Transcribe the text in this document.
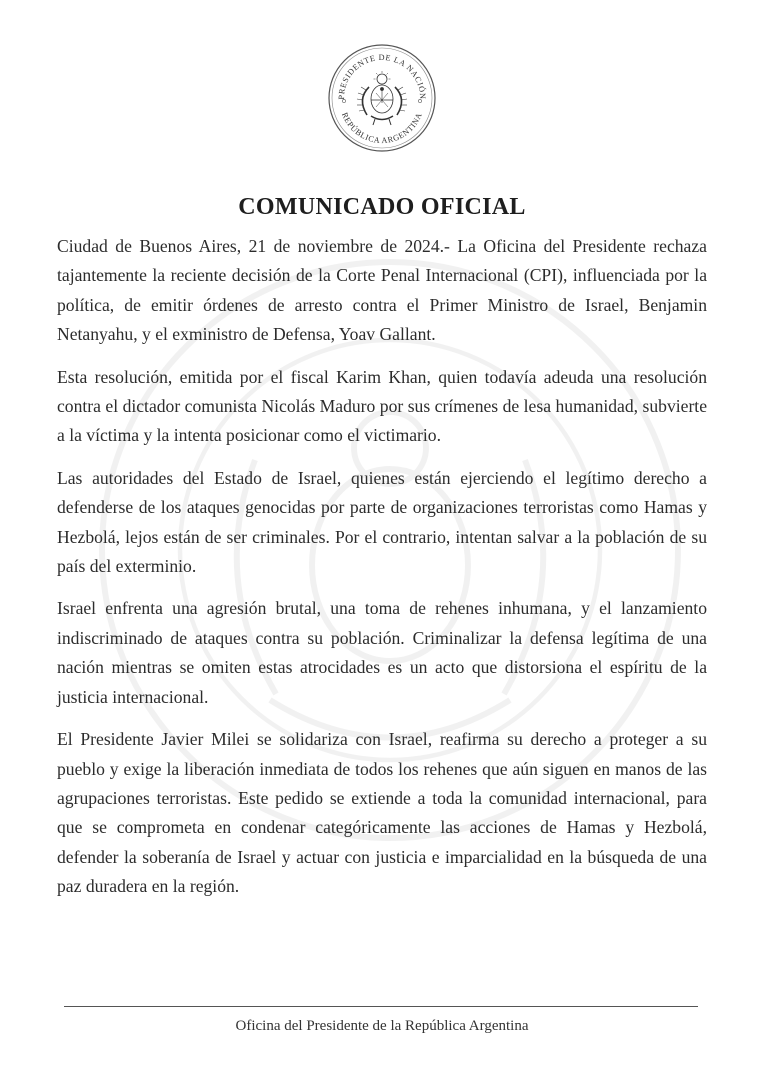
PRESIDENTE DE LA NACIÓN
REPÚBLICA ARGENTINA
COMUNICADO OFICIAL

Ciudad de Buenos Aires, 21 de noviembre de 2024.- La Oficina del Presidente rechaza tajantemente la reciente decisión de la Corte Penal Internacional (CPI), influenciada por la política, de emitir órdenes de arresto contra el Primer Ministro de Israel, Benjamin Netanyahu, y el exministro de Defensa, Yoav Gallant.

Esta resolución, emitida por el fiscal Karim Khan, quien todavía adeuda una resolución contra el dictador comunista Nicolás Maduro por sus crímenes de lesa humanidad, subvierte a la víctima y la intenta posicionar como el victimario.

Las autoridades del Estado de Israel, quienes están ejerciendo el legítimo derecho a defenderse de los ataques genocidas por parte de organizaciones terroristas como Hamas y Hezbolá, lejos están de ser criminales. Por el contrario, intentan salvar a la población de su país del exterminio.

Israel enfrenta una agresión brutal, una toma de rehenes inhumana, y el lanzamiento indiscriminado de ataques contra su población. Criminalizar la defensa legítima de una nación mientras se omiten estas atrocidades es un acto que distorsiona el espíritu de la justicia internacional.

El Presidente Javier Milei se solidariza con Israel, reafirma su derecho a proteger a su pueblo y exige la liberación inmediata de todos los rehenes que aún siguen en manos de las agrupaciones terroristas. Este pedido se extiende a toda la comunidad internacional, para que se comprometa en condenar categóricamente las acciones de Hamas y Hezbolá, defender la soberanía de Israel y actuar con justicia e imparcialidad en la búsqueda de una paz duradera en la región.

Oficina del Presidente de la República Argentina
